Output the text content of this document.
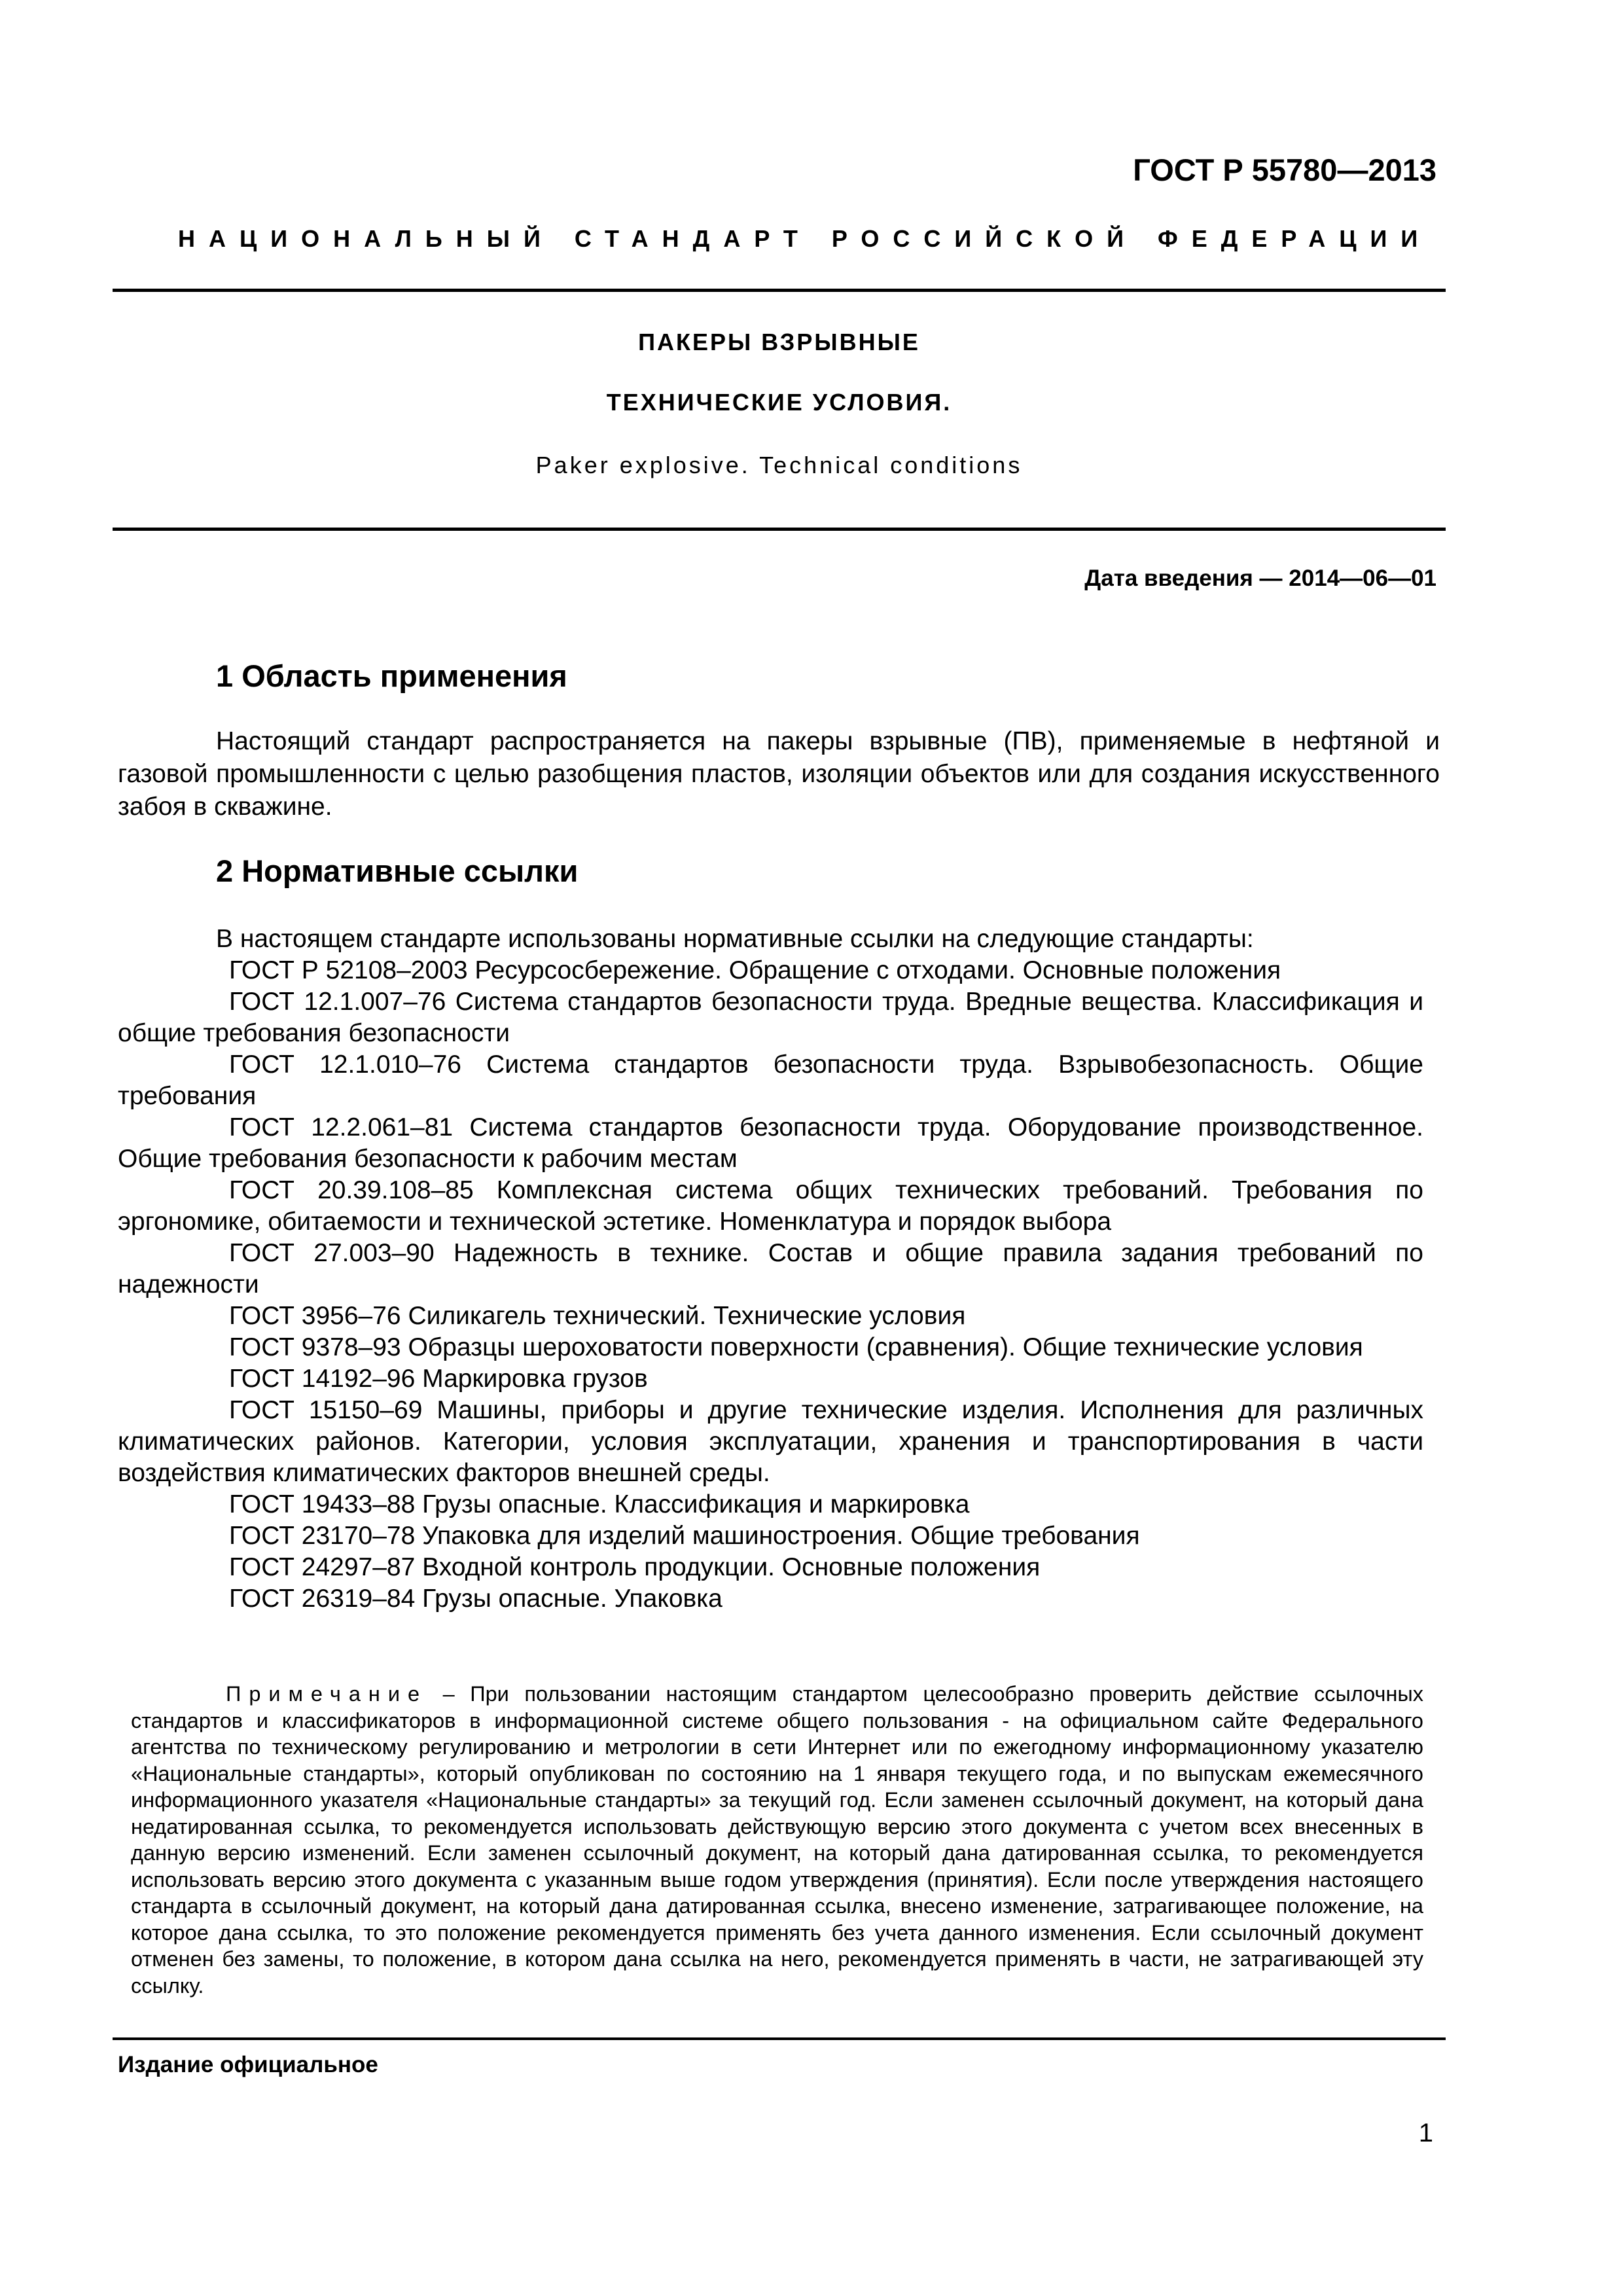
ГОСТ Р 55780—2013
НАЦИОНАЛЬНЫЙ СТАНДАРТ РОССИЙСКОЙ ФЕДЕРАЦИИ
ПАКЕРЫ ВЗРЫВНЫЕ
ТЕХНИЧЕСКИЕ УСЛОВИЯ.
Paker explosive. Technical conditions
Дата введения — 2014—06—01
1 Область применения

Настоящий стандарт распространяется на пакеры взрывные (ПВ), применяемые в нефтяной и газовой промышленности с целью разобщения пластов, изоляции объектов или для создания искусственного забоя в скважине.

2 Нормативные ссылки

В настоящем стандарте использованы нормативные ссылки на следующие стандарты:

ГОСТ Р 52108–2003 Ресурсосбережение. Обращение с отходами. Основные положения

ГОСТ 12.1.007–76 Система стандартов безопасности труда. Вредные вещества. Классификация и общие требования безопасности

ГОСТ 12.1.010–76 Система стандартов безопасности труда. Взрывобезопасность. Общие требования

ГОСТ 12.2.061–81 Система стандартов безопасности труда. Оборудование производственное. Общие требования безопасности к рабочим местам

ГОСТ 20.39.108–85 Комплексная система общих технических требований. Требования по эргономике, обитаемости и технической эстетике. Номенклатура и порядок выбора

ГОСТ 27.003–90 Надежность в технике. Состав и общие правила задания требований по надежности

ГОСТ 3956–76 Силикагель технический. Технические условия

ГОСТ 9378–93 Образцы шероховатости поверхности (сравнения). Общие технические условия

ГОСТ 14192–96 Маркировка грузов

ГОСТ 15150–69 Машины, приборы и другие технические изделия. Исполнения для различных климатических районов. Категории, условия эксплуатации, хранения и транспортирования в части воздействия климатических факторов внешней среды.

ГОСТ 19433–88 Грузы опасные. Классификация и маркировка

ГОСТ 23170–78 Упаковка для изделий машиностроения. Общие требования

ГОСТ 24297–87 Входной контроль продукции. Основные положения

ГОСТ 26319–84 Грузы опасные. Упаковка

Примечание – При пользовании настоящим стандартом целесообразно проверить действие ссылочных стандартов и классификаторов в информационной системе общего пользования - на официальном сайте Федерального агентства по техническому регулированию и метрологии в сети Интернет или по ежегодному информационному указателю «Национальные стандарты», который опубликован по состоянию на 1 января текущего года, и по выпускам ежемесячного информационного указателя «Национальные стандарты» за текущий год. Если заменен ссылочный документ, на который дана недатированная ссылка, то рекомендуется использовать действующую версию этого документа с учетом всех внесенных в данную версию изменений. Если заменен ссылочный документ, на который дана датированная ссылка, то рекомендуется использовать версию этого документа с указанным выше годом утверждения (принятия). Если после утверждения настоящего стандарта в ссылочный документ, на который дана датированная ссылка, внесено изменение, затрагивающее положение, на которое дана ссылка, то это положение рекомендуется применять без учета данного изменения. Если ссылочный документ отменен без замены, то положение, в котором дана ссылка на него, рекомендуется применять в части, не затрагивающей эту ссылку.

Издание официальное
1
